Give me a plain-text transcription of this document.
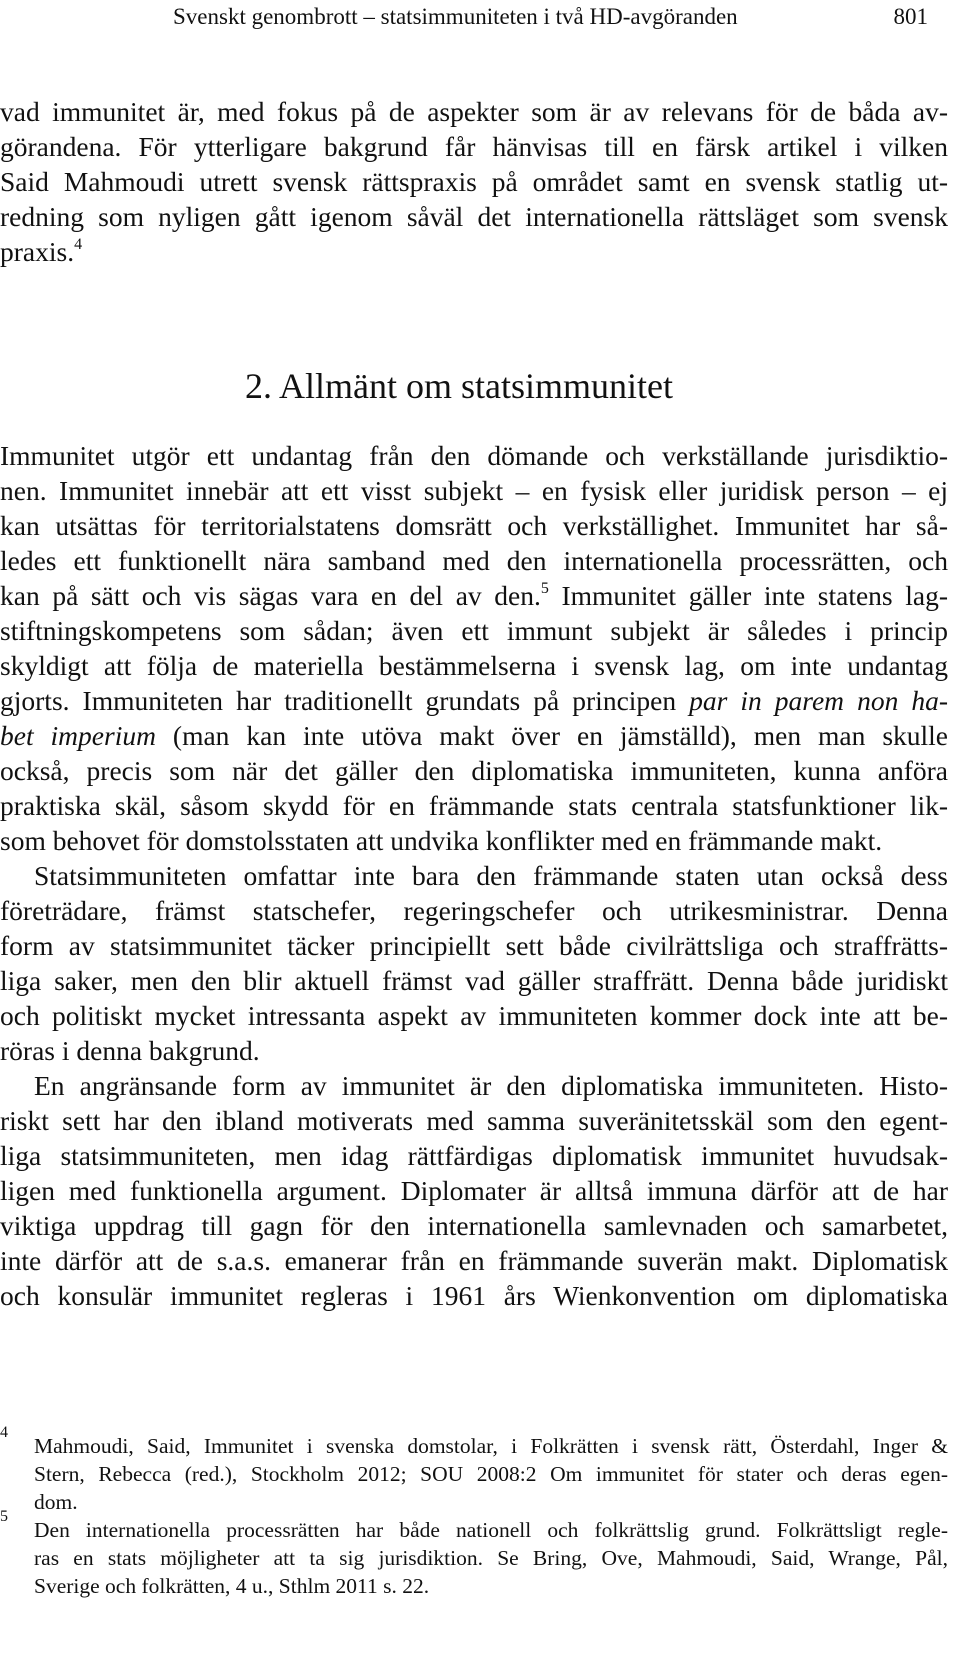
Svenskt genombrott – statsimmuniteten i två HD-avgöranden	801
vad immunitet är, med fokus på de aspekter som är av relevans för de båda av-
görandena. För ytterligare bakgrund får hänvisas till en färsk artikel i vilken
Said Mahmoudi utrett svensk rättspraxis på området samt en svensk statlig ut-
redning som nyligen gått igenom såväl det internationella rättsläget som svensk
praxis.$^4$
2. Allmänt om statsimmunitet
Immunitet utgör ett undantag från den dömande och verkställande jurisdiktio-
nen. Immunitet innebär att ett visst subjekt – en fysisk eller juridisk person – ej
kan utsättas för territorialstatens domsrätt och verkställighet. Immunitet har så-
ledes ett funktionellt nära samband med den internationella processrätten, och
kan på sätt och vis sägas vara en del av den.$^5$ Immunitet gäller inte statens lag-
stiftningskompetens som sådan; även ett immunt subjekt är således i princip
skyldigt att följa de materiella bestämmelserna i svensk lag, om inte undantag
gjorts. Immuniteten har traditionellt grundats på principen par in parem non ha-
bet imperium (man kan inte utöva makt över en jämställd), men man skulle
också, precis som när det gäller den diplomatiska immuniteten, kunna anföra
praktiska skäl, såsom skydd för en främmande stats centrala statsfunktioner lik-
som behovet för domstolsstaten att undvika konflikter med en främmande makt.
Statsimmuniteten omfattar inte bara den främmande staten utan också dess
företrädare, främst statschefer, regeringschefer och utrikesministrar. Denna
form av statsimmunitet täcker principiellt sett både civilrättsliga och straffrätts-
liga saker, men den blir aktuell främst vad gäller straffrätt. Denna både juridiskt
och politiskt mycket intressanta aspekt av immuniteten kommer dock inte att be-
röras i denna bakgrund.
En angränsande form av immunitet är den diplomatiska immuniteten. Histo-
riskt sett har den ibland motiverats med samma suveränitetsskäl som den egent-
liga statsimmuniteten, men idag rättfärdigas diplomatisk immunitet huvudsak-
ligen med funktionella argument. Diplomater är alltså immuna därför att de har
viktiga uppdrag till gagn för den internationella samlevnaden och samarbetet,
inte därför att de s.a.s. emanerar från en främmande suverän makt. Diplomatisk
och konsulär immunitet regleras i 1961 års Wienkonvention om diplomatiska
4
Mahmoudi, Said, Immunitet i svenska domstolar, i Folkrätten i svensk rätt, Österdahl, Inger &
Stern, Rebecca (red.), Stockholm 2012; SOU 2008:2 Om immunitet för stater och deras egen-
dom.
5
Den internationella processrätten har både nationell och folkrättslig grund. Folkrättsligt regle-
ras en stats möjligheter att ta sig jurisdiktion. Se Bring, Ove, Mahmoudi, Said, Wrange, Pål,
Sverige och folkrätten, 4 u., Sthlm 2011 s. 22.
